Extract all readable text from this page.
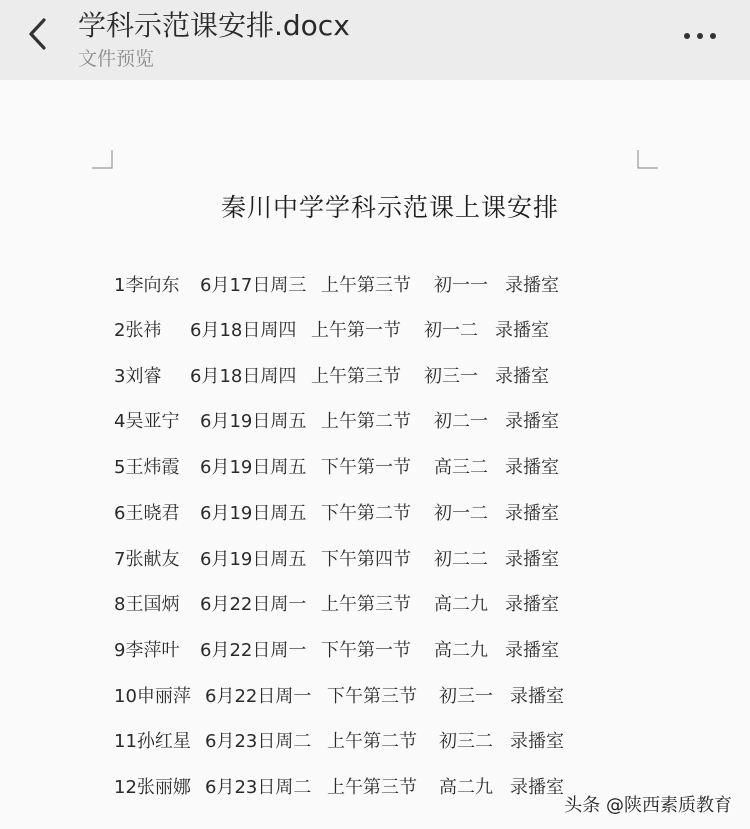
学科示范课安排.docx
文件预览
秦川中学学科示范课上课安排
1李向东 6月17日周三 上午第三节 初一一 录播室
2张祎 6月18日周四 上午第一节 初一二 录播室
3刘睿 6月18日周四 上午第三节 初三一 录播室
4吴亚宁 6月19日周五 上午第二节 初二一 录播室
5王炜霞 6月19日周五 下午第一节 高三二 录播室
6王晓君 6月19日周五 下午第二节 初一二 录播室
7张献友 6月19日周五 下午第四节 初二二 录播室
8王国炳 6月22日周一 上午第三节 高二九 录播室
9李萍叶 6月22日周一 下午第一节 高二九 录播室
10申丽萍 6月22日周一 下午第三节 初三一 录播室
11孙红星 6月23日周二 上午第二节 初三二 录播室
12张丽娜 6月23日周二 上午第三节 高二九 录播室
头条 @陕西素质教育
